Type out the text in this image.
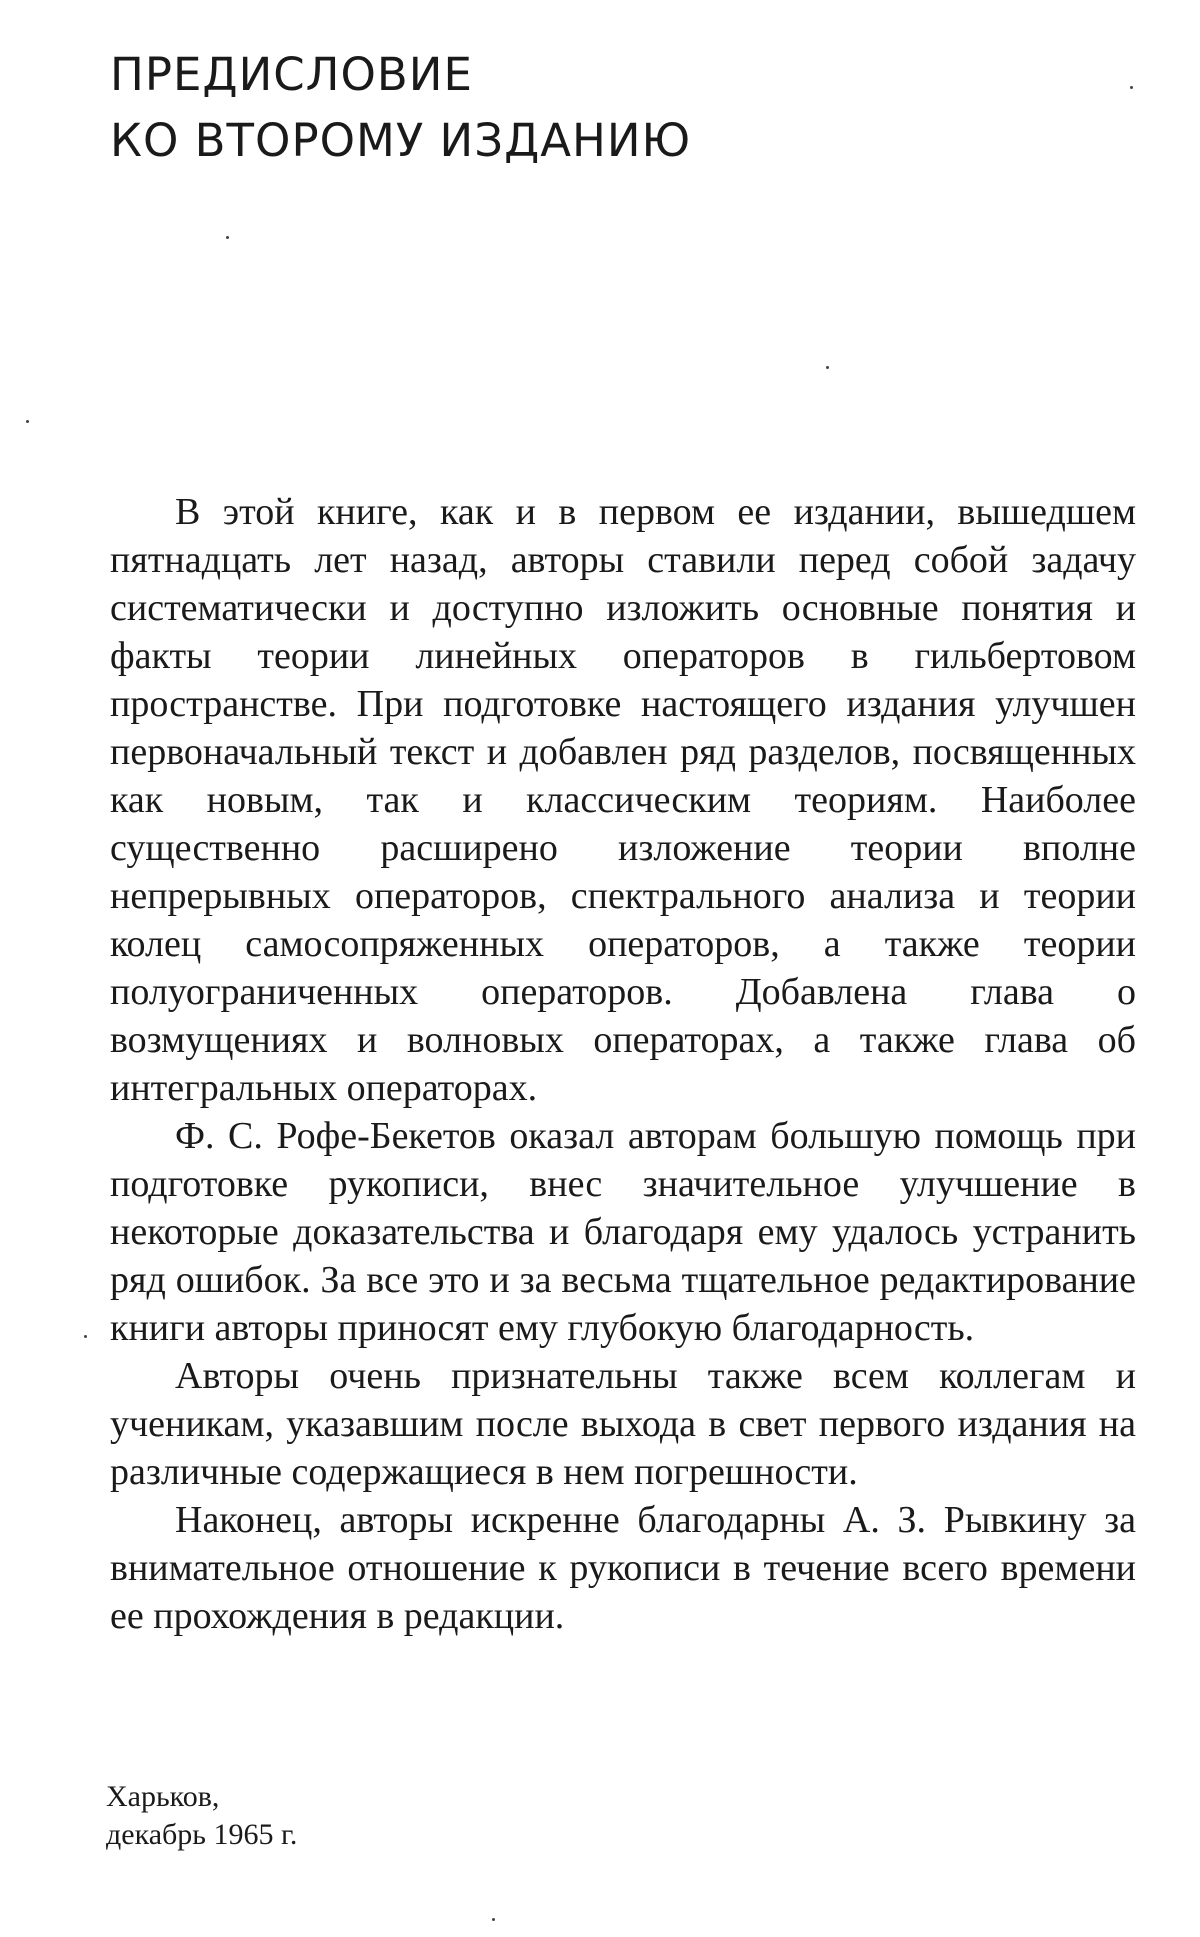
ПРЕДИСЛОВИЕ
КО ВТОРОМУ ИЗДАНИЮ

В этой книге, как и в первом ее издании, вышедшем пятнадцать лет назад, авторы ставили перед собой задачу систематически и доступно изложить основные понятия и факты теории линейных операторов в гильбертовом пространстве. При подготовке настоящего издания улучшен первоначальный текст и добавлен ряд разделов, посвященных как новым, так и классическим теориям. Наиболее существенно расширено изложение теории вполне непрерывных операторов, спектрального анализа и теории колец самосопряженных операторов, а также теории полуограниченных операторов. Добавлена глава о возмущениях и волновых операторах, а также глава об интегральных операторах.

Ф. С. Рофе-Бекетов оказал авторам большую помощь при подготовке рукописи, внес значительное улучшение в некоторые доказательства и благодаря ему удалось устранить ряд ошибок. За все это и за весьма тщательное редактирование книги авторы приносят ему глубокую благодарность.

Авторы очень признательны также всем коллегам и ученикам, указавшим после выхода в свет первого издания на различные содержащиеся в нем погрешности.

Наконец, авторы искренне благодарны А. З. Рывкину за внимательное отношение к рукописи в течение всего времени ее прохождения в редакции.

Харьков,
декабрь 1965 г.
